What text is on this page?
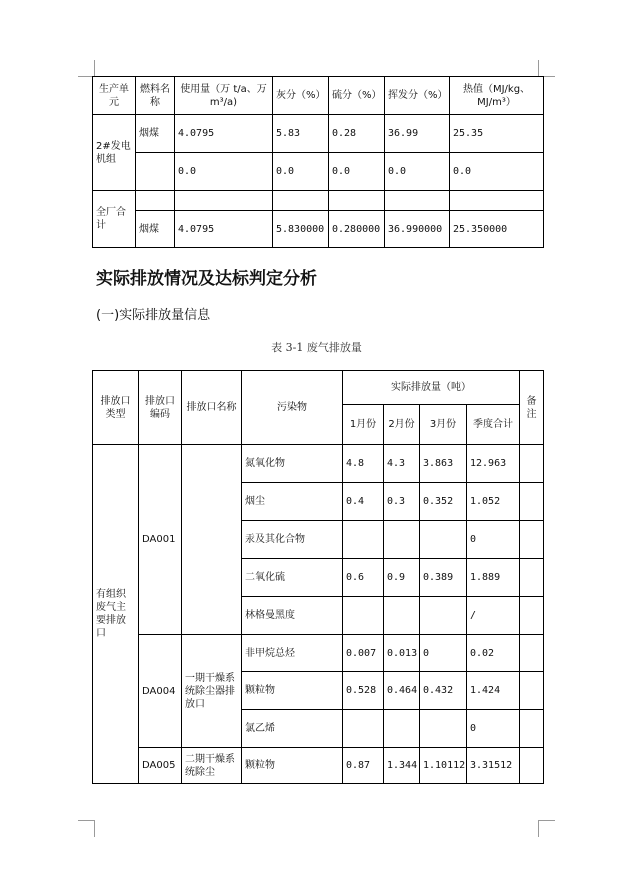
生产单元	燃料名称	使用量（万 t/a、万 m³/a)	灰分（%）	硫分（%）	挥发分（%）	热值（MJ/kg、MJ/m³）
2#发电机组	烟煤	4.0795	5.83	0.28	36.99	25.35
		0.0	0.0	0.0	0.0	0.0
全厂合计						
	烟煤	4.0795	5.830000	0.280000	36.990000	25.350000
实际排放情况及达标判定分析
(一)实际排放量信息
表 3-1 废气排放量
排放口类型	排放口编码	排放口名称	污染物	实际排放量（吨）				备注
				1月份	2月份	3月份	季度合计	
有组织废气主要排放口	DA001		氮氧化物	4.8	4.3	3.863	12.963	
			烟尘	0.4	0.3	0.352	1.052	
			汞及其化合物				0	
			二氧化硫	0.6	0.9	0.389	1.889	
			林格曼黑度				/	
	DA004	一期干燥系统除尘器排放口	非甲烷总烃	0.007	0.013	0	0.02	
			颗粒物	0.528	0.464	0.432	1.424	
			氯乙烯				0	
	DA005	二期干燥系统除尘	颗粒物	0.87	1.344	1.10112	3.31512	
